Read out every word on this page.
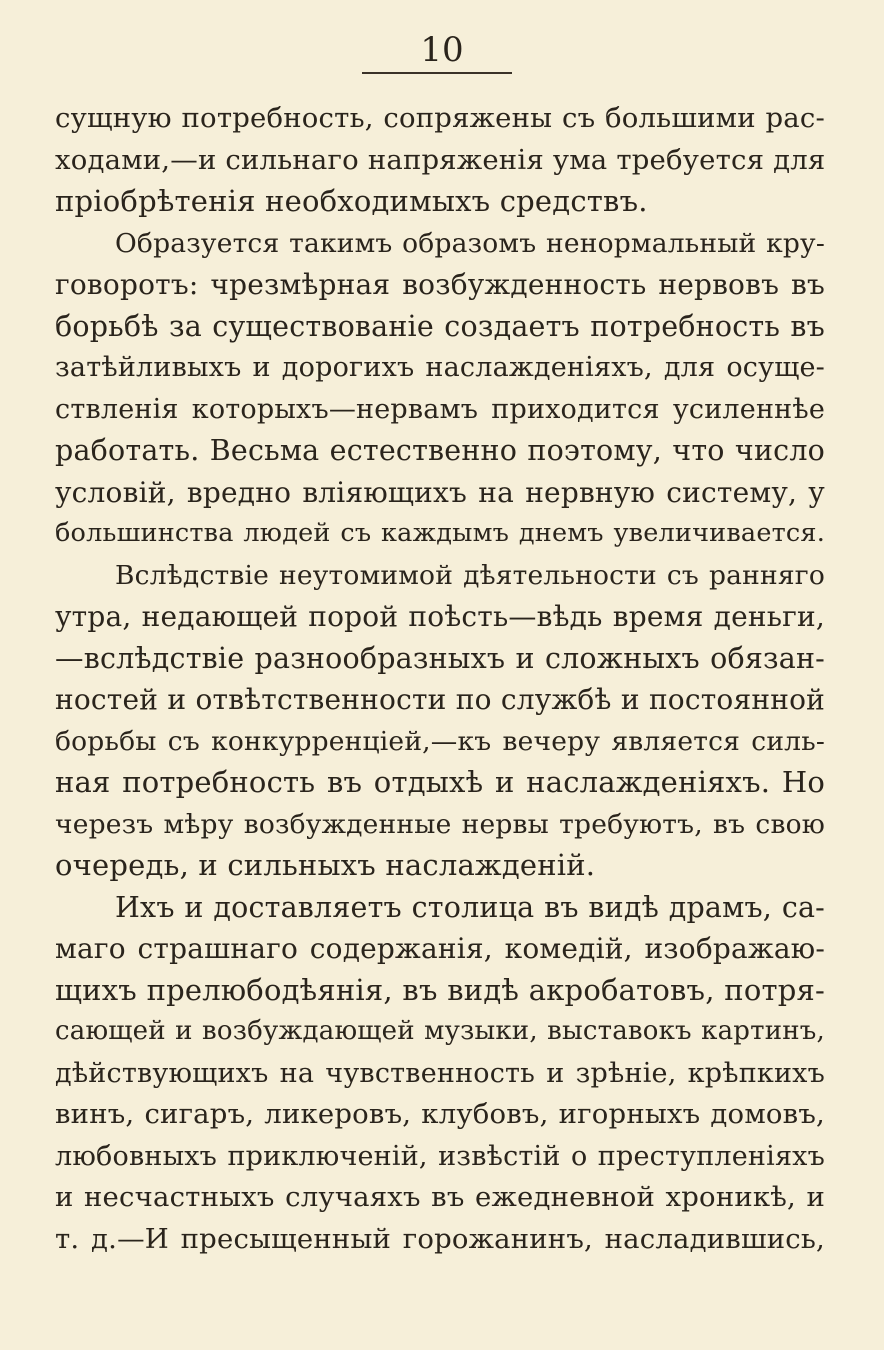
10

сущную потребность, сопряжены съ большими рас-

ходами,—и сильнаго напряженія ума требуется для

пріобрѣтенія необходимыхъ средствъ.

Образуется такимъ образомъ ненормальный кру-

говоротъ: чрезмѣрная возбужденность нервовъ въ

борьбѣ за существованіе создаетъ потребность въ

затѣйливыхъ и дорогихъ наслажденіяхъ, для осуще-

ствленія которыхъ—нервамъ приходится усиленнѣе

работать. Весьма естественно поэтому, что число

условій, вредно вліяющихъ на нервную систему, у

большинства людей съ каждымъ днемъ увеличивается.

Вслѣдствіе неутомимой дѣятельности съ ранняго

утра, недающей порой поѣсть—вѣдь время деньги,

—вслѣдствіе разнообразныхъ и сложныхъ обязан-

ностей и отвѣтственности по службѣ и постоянной

борьбы съ конкурренціей,—къ вечеру является силь-

ная потребность въ отдыхѣ и наслажденіяхъ. Но

черезъ мѣру возбужденные нервы требуютъ, въ свою

очередь, и сильныхъ наслажденій.

Ихъ и доставляетъ столица въ видѣ драмъ, са-

маго страшнаго содержанія, комедій, изображаю-

щихъ прелюбодѣянія, въ видѣ акробатовъ, потря-

сающей и возбуждающей музыки, выставокъ картинъ,

дѣйствующихъ на чувственность и зрѣніе, крѣпкихъ

винъ, сигаръ, ликеровъ, клубовъ, игорныхъ домовъ,

любовныхъ приключеній, извѣстій о преступленіяхъ

и несчастныхъ случаяхъ въ ежедневной хроникѣ, и

т. д.—И пресыщенный горожанинъ, насладившись,
